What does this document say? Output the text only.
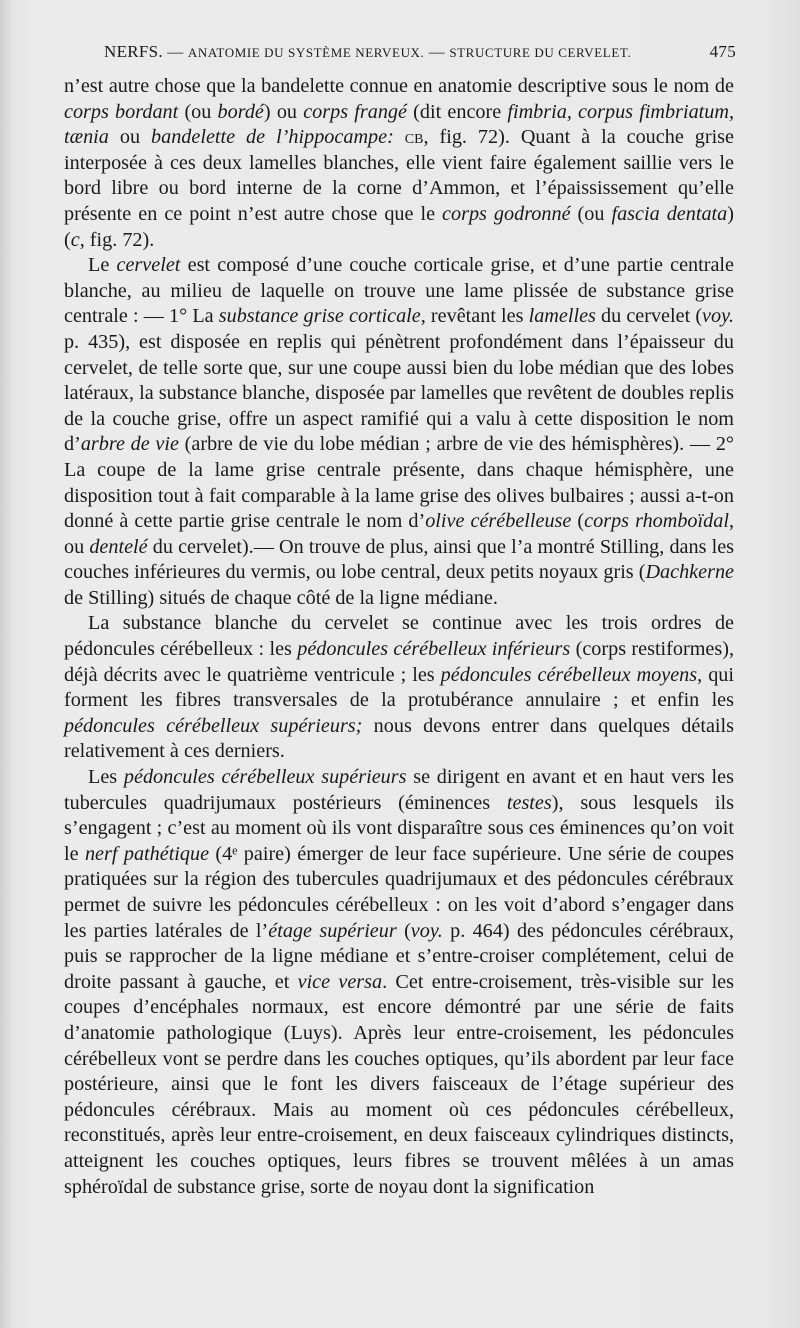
NERFS. — ANATOMIE DU SYSTÈME NERVEUX. — STRUCTURE DU CERVELET.	475

n’est autre chose que la bandelette connue en anatomie descriptive sous le nom de corps bordant (ou bordé) ou corps frangé (dit encore fimbria, corpus fimbriatum, tænia ou bandelette de l’hippocampe: cb, fig. 72). Quant à la couche grise interposée à ces deux lamelles blanches, elle vient faire également saillie vers le bord libre ou bord interne de la corne d’Ammon, et l’épaississement qu’elle présente en ce point n’est autre chose que le corps godronné (ou fascia dentata) (c, fig. 72).

Le cervelet est composé d’une couche corticale grise, et d’une partie centrale blanche, au milieu de laquelle on trouve une lame plissée de substance grise centrale : — 1° La substance grise corticale, revêtant les lamelles du cervelet (voy. p. 435), est disposée en replis qui pénètrent profondément dans l’épaisseur du cervelet, de telle sorte que, sur une coupe aussi bien du lobe médian que des lobes latéraux, la substance blanche, disposée par lamelles que revêtent de doubles replis de la couche grise, offre un aspect ramifié qui a valu à cette disposition le nom d’arbre de vie (arbre de vie du lobe médian ; arbre de vie des hémisphères). — 2° La coupe de la lame grise centrale présente, dans chaque hémisphère, une disposition tout à fait comparable à la lame grise des olives bulbaires ; aussi a-t-on donné à cette partie grise centrale le nom d’olive cérébelleuse (corps rhomboïdal, ou dentelé du cervelet).— On trouve de plus, ainsi que l’a montré Stilling, dans les couches inférieures du vermis, ou lobe central, deux petits noyaux gris (Dachkerne de Stilling) situés de chaque côté de la ligne médiane.

La substance blanche du cervelet se continue avec les trois ordres de pédoncules cérébelleux : les pédoncules cérébelleux inférieurs (corps restiformes), déjà décrits avec le quatrième ventricule ; les pédoncules cérébelleux moyens, qui forment les fibres transversales de la protubérance annulaire ; et enfin les pédoncules cérébelleux supérieurs; nous devons entrer dans quelques détails relativement à ces derniers.

Les pédoncules cérébelleux supérieurs se dirigent en avant et en haut vers les tubercules quadrijumaux postérieurs (éminences testes), sous lesquels ils s’engagent ; c’est au moment où ils vont disparaître sous ces éminences qu’on voit le nerf pathétique (4ᵉ paire) émerger de leur face supérieure. Une série de coupes pratiquées sur la région des tubercules quadrijumaux et des pédoncules cérébraux permet de suivre les pédoncules cérébelleux : on les voit d’abord s’engager dans les parties latérales de l’étage supérieur (voy. p. 464) des pédoncules cérébraux, puis se rapprocher de la ligne médiane et s’entre-croiser complétement, celui de droite passant à gauche, et vice versa. Cet entre-croisement, très-visible sur les coupes d’encéphales normaux, est encore démontré par une série de faits d’anatomie pathologique (Luys). Après leur entre-croisement, les pédoncules cérébelleux vont se perdre dans les couches optiques, qu’ils abordent par leur face postérieure, ainsi que le font les divers faisceaux de l’étage supérieur des pédoncules cérébraux. Mais au moment où ces pédoncules cérébelleux, reconstitués, après leur entre-croisement, en deux faisceaux cylindriques distincts, atteignent les couches optiques, leurs fibres se trouvent mêlées à un amas sphéroïdal de substance grise, sorte de noyau dont la signification
